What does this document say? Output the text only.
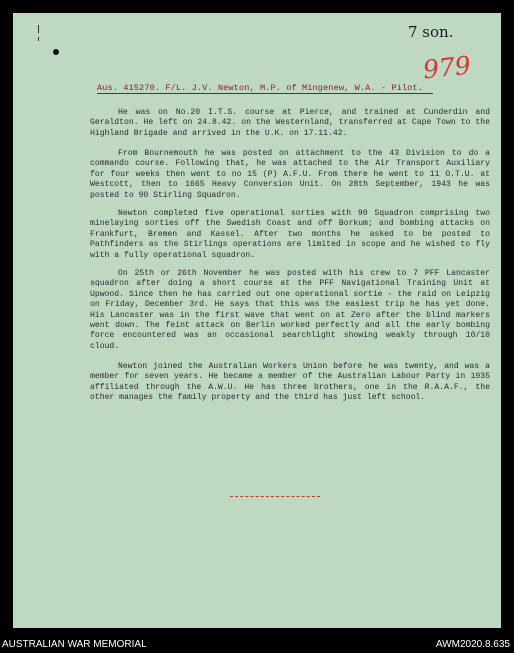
7 son.
979
Aus. 415270. F/L. J.V. Newton, M.P. of Mingenew, W.A. - Pilot.

He was on No.20 I.T.S. course at Pierce, and trained at Cunderdin and Geraldton. He left on 24.8.42. on the Westernland, transferred at Cape Town to the Highland Brigade and arrived in the U.K. on 17.11.42.

From Bournemouth he was posted on attachment to the 43 Division to do a commando course. Following that, he was attached to the Air Transport Auxiliary for four weeks then went to no 15 (P) A.F.U. From there he went to 11 O.T.U. at Westcott, then to 1665 Heavy Conversion Unit. On 28th September, 1943 he was posted to 90 Stirling Squadron.

Newton completed five operational sorties with 90 Squadron comprising two minelaying sorties off the Swedish Coast and off Borkum; and bombing attacks on Frankfurt, Bremen and Kassel. After two months he asked to be posted to Pathfinders as the Stirlings operations are limited in scope and he wished to fly with a fully operational squadron.

On 25th or 26th November he was posted with his crew to 7 PFF Lancaster squadron after doing a short course at the PFF Navigational Training Unit at Upwood. Since then he has carried out one operational sortie - the raid on Leipzig on Friday, December 3rd. He says that this was the easiest trip he has yet done. His Lancaster was in the first wave that went on at Zero after the blind markers went down. The feint attack on Berlin worked perfectly and all the early bombing force encountered was an occasional searchlight showing weakly through 10/10 cloud.

Newton joined the Australian Workers Union before he was twenty, and was a member for seven years. He became a member of the Australian Labour Party in 1935 affiliated through the A.W.U. He has three brothers, one in the R.A.A.F., the other manages the family property and the third has just left school.

AUSTRALIAN WAR MEMORIAL	AWM2020.8.635
